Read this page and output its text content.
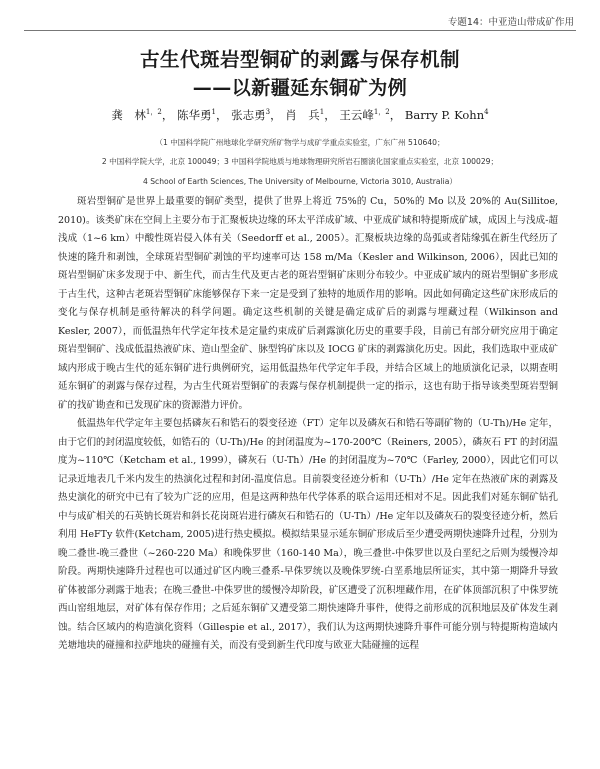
专题14：中亚造山带成矿作用
古生代斑岩型铜矿的剥露与保存机制
——以新疆延东铜矿为例
龚　林$^{1,2}$， 陈华勇$^1$， 张志勇$^3$， 肖　兵$^1$， 王云峰$^{1,2}$， Barry P. Kohn$^4$
（1 中国科学院广州地球化学研究所矿物学与成矿学重点实验室，广东广州 510640；
2 中国科学院大学，北京 100049；3 中国科学院地质与地球物理研究所岩石圈演化国家重点实验室，北京 100029；
4 School of Earth Sciences, The University of Melbourne, Victoria 3010, Australia）

斑岩型铜矿是世界上最重要的铜矿类型，提供了世界上将近 75%的 Cu，50%的 Mo 以及 20%的 Au(Sillitoe, 2010)。该类矿床在空间上主要分布于汇聚板块边缘的环太平洋成矿域、中亚成矿域和特提斯成矿域，成因上与浅成-超浅成（1~6 km）中酸性斑岩侵入体有关（Seedorff et al., 2005）。汇聚板块边缘的岛弧或者陆缘弧在新生代经历了快速的隆升和剥蚀，全球斑岩型铜矿剥蚀的平均速率可达 158 m/Ma（Kesler and Wilkinson, 2006），因此已知的斑岩型铜矿床多发现于中、新生代，而古生代及更古老的斑岩型铜矿床则分布较少。中亚成矿域内的斑岩型铜矿多形成于古生代，这种古老斑岩型铜矿床能够保存下来一定是受到了独特的地质作用的影响。因此如何确定这些矿床形成后的变化与保存机制是亟待解决的科学问题。确定这些机制的关键是确定成矿后的剥露与埋藏过程（Wilkinson and Kesler, 2007），而低温热年代学定年技术是定量约束成矿后剥露演化历史的重要手段，目前已有部分研究应用于确定斑岩型铜矿、浅成低温热液矿床、造山型金矿、脉型钨矿床以及 IOCG 矿床的剥露演化历史。因此，我们选取中亚成矿域内形成于晚古生代的延东铜矿进行典例研究，运用低温热年代学定年手段，并结合区域上的地质演化记录，以期查明延东铜矿的剥露与保存过程，为古生代斑岩型铜矿的表露与保存机制提供一定的指示，这也有助于指导该类型斑岩型铜矿的找矿勘查和已发现矿床的资源潜力评价。

低温热年代学定年主要包括磷灰石和锆石的裂变径迹（FT）定年以及磷灰石和锆石等副矿物的（U-Th)/He 定年，由于它们的封闭温度较低，如锆石的（U-Th)/He 的封闭温度为~170-200℃（Reiners, 2005），磷灰石 FT 的封闭温度为~110℃（Ketcham et al., 1999），磷灰石（U-Th）/He 的封闭温度为~70℃（Farley, 2000），因此它们可以记录近地表几千米内发生的热演化过程和封闭-温度信息。目前裂变径迹分析和（U-Th）/He 定年在热液矿床的剥露及热史演化的研究中已有了较为广泛的应用，但是这两种热年代学体系的联合运用还相对不足。因此我们对延东铜矿钻孔中与成矿相关的石英钠长斑岩和斜长花岗斑岩进行磷灰石和锆石的（U-Th）/He 定年以及磷灰石的裂变径迹分析，然后利用 HeFTy 软件(Ketcham, 2005)进行热史模拟。模拟结果显示延东铜矿形成后至少遭受两期快速降升过程，分别为晚二叠世-晚三叠世（~260-220 Ma）和晚侏罗世（160-140 Ma），晚三叠世-中侏罗世以及白垩纪之后则为缓慢冷却阶段。两期快速降升过程也可以通过矿区内晚三叠系-早侏罗统以及晚侏罗统-白垩系地层所证实，其中第一期降升导致矿体被部分剥露于地表；在晚三叠世-中侏罗世的缓慢冷却阶段，矿区遭受了沉积埋藏作用，在矿体顶部沉积了中侏罗统西山窑组地层，对矿体有保存作用；之后延东铜矿又遭受第二期快速降升事件，使得之前形成的沉积地层及矿体发生剥蚀。结合区域内的构造演化资料（Gillespie et al., 2017），我们认为这两期快速降升事件可能分别与特提斯构造域内羌塘地块的碰撞和拉萨地块的碰撞有关，而没有受到新生代印度与欧亚大陆碰撞的远程
